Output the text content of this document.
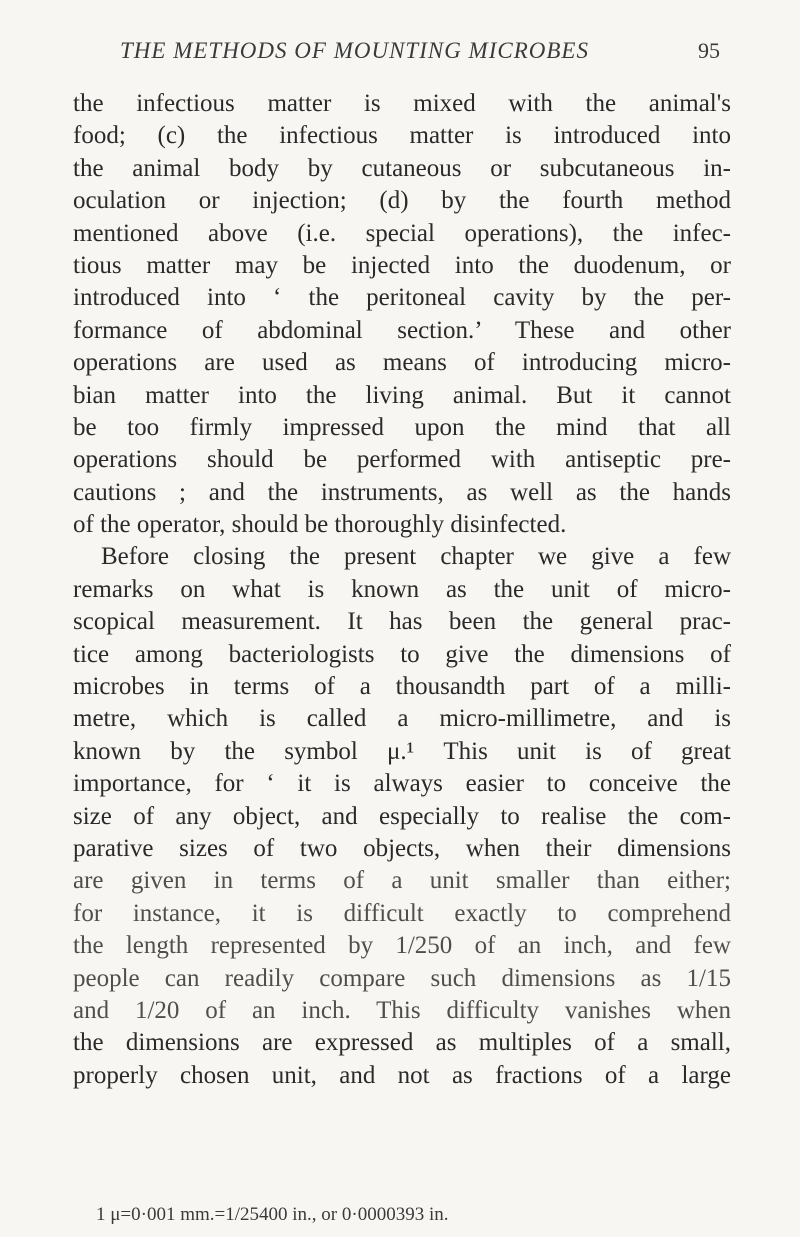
THE METHODS OF MOUNTING MICROBES	95
the infectious matter is mixed with the animal's
food; (c) the infectious matter is introduced into
the animal body by cutaneous or subcutaneous in-
oculation or injection; (d) by the fourth method
mentioned above (i.e. special operations), the infec-
tious matter may be injected into the duodenum, or
introduced into ‘ the peritoneal cavity by the per-
formance of abdominal section.’ These and other
operations are used as means of introducing micro-
bian matter into the living animal. But it cannot
be too firmly impressed upon the mind that all
operations should be performed with antiseptic pre-
cautions ; and the instruments, as well as the hands
of the operator, should be thoroughly disinfected.
Before closing the present chapter we give a few
remarks on what is known as the unit of micro-
scopical measurement. It has been the general prac-
tice among bacteriologists to give the dimensions of
microbes in terms of a thousandth part of a milli-
metre, which is called a micro-millimetre, and is
known by the symbol μ.¹ This unit is of great
importance, for ‘ it is always easier to conceive the
size of any object, and especially to realise the com-
parative sizes of two objects, when their dimensions
are given in terms of a unit smaller than either;
for instance, it is difficult exactly to comprehend
the length represented by 1/250 of an inch, and few
people can readily compare such dimensions as 1/15
and 1/20 of an inch. This difficulty vanishes when
the dimensions are expressed as multiples of a small,
properly chosen unit, and not as fractions of a large
1 μ=0·001 mm.=1/25400 in., or 0·0000393 in.
